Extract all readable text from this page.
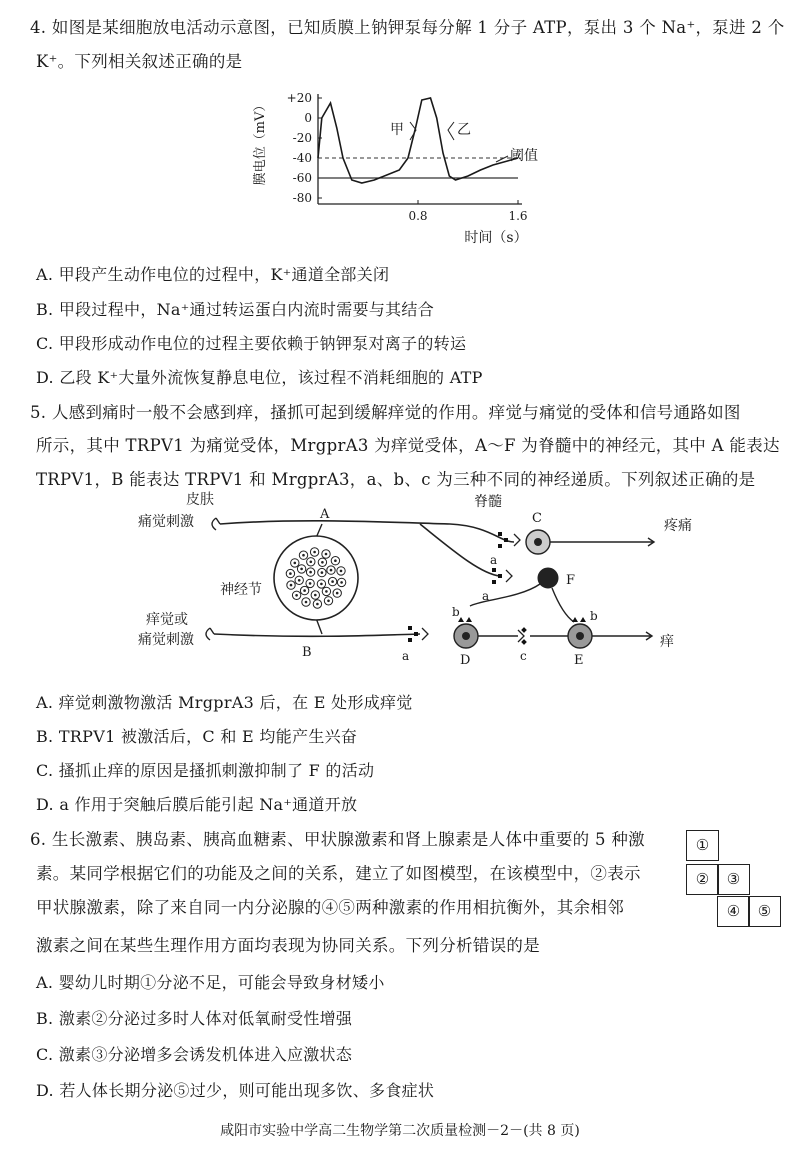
4. 如图是某细胞放电活动示意图，已知质膜上钠钾泵每分解 1 分子 ATP，泵出 3 个 Na⁺，泵进 2 个
K⁺。下列相关叙述正确的是
膜电位（mV）
+20
0
-20
-40
-60
-80
0.8	1.6
甲	乙
阈值
时间（s）
A. 甲段产生动作电位的过程中，K⁺通道全部关闭
B. 甲段过程中，Na⁺通过转运蛋白内流时需要与其结合
C. 甲段形成动作电位的过程主要依赖于钠钾泵对离子的转运
D. 乙段 K⁺大量外流恢复静息电位，该过程不消耗细胞的 ATP
5. 人感到痛时一般不会感到痒，搔抓可起到缓解痒觉的作用。痒觉与痛觉的受体和信号通路如图
所示，其中 TRPV1 为痛觉受体，MrgprA3 为痒觉受体，A～F 为脊髓中的神经元，其中 A 能表达
TRPV1，B 能表达 TRPV1 和 MrgprA3，a、b、c 为三种不同的神经递质。下列叙述正确的是
皮肤
痛觉刺激
神经节
痒觉或
痛觉刺激
脊髓
疼痛
痒
A
B
a
a
a
C
F
D
b
c	E
b
A. 痒觉刺激物激活 MrgprA3 后，在 E 处形成痒觉
B. TRPV1 被激活后，C 和 E 均能产生兴奋
C. 搔抓止痒的原因是搔抓刺激抑制了 F 的活动
D. a 作用于突触后膜后能引起 Na⁺通道开放
6. 生长激素、胰岛素、胰高血糖素、甲状腺激素和肾上腺素是人体中重要的 5 种激
素。某同学根据它们的功能及之间的关系，建立了如图模型，在该模型中，②表示
甲状腺激素，除了来自同一内分泌腺的④⑤两种激素的作用相抗衡外，其余相邻
激素之间在某些生理作用方面均表现为协同关系。下列分析错误的是
①
②	③
④	⑤
A. 婴幼儿时期①分泌不足，可能会导致身材矮小
B. 激素②分泌过多时人体对低氧耐受性增强
C. 激素③分泌增多会诱发机体进入应激状态
D. 若人体长期分泌⑤过少，则可能出现多饮、多食症状
咸阳市实验中学高二生物学第二次质量检测－2－(共 8 页)
